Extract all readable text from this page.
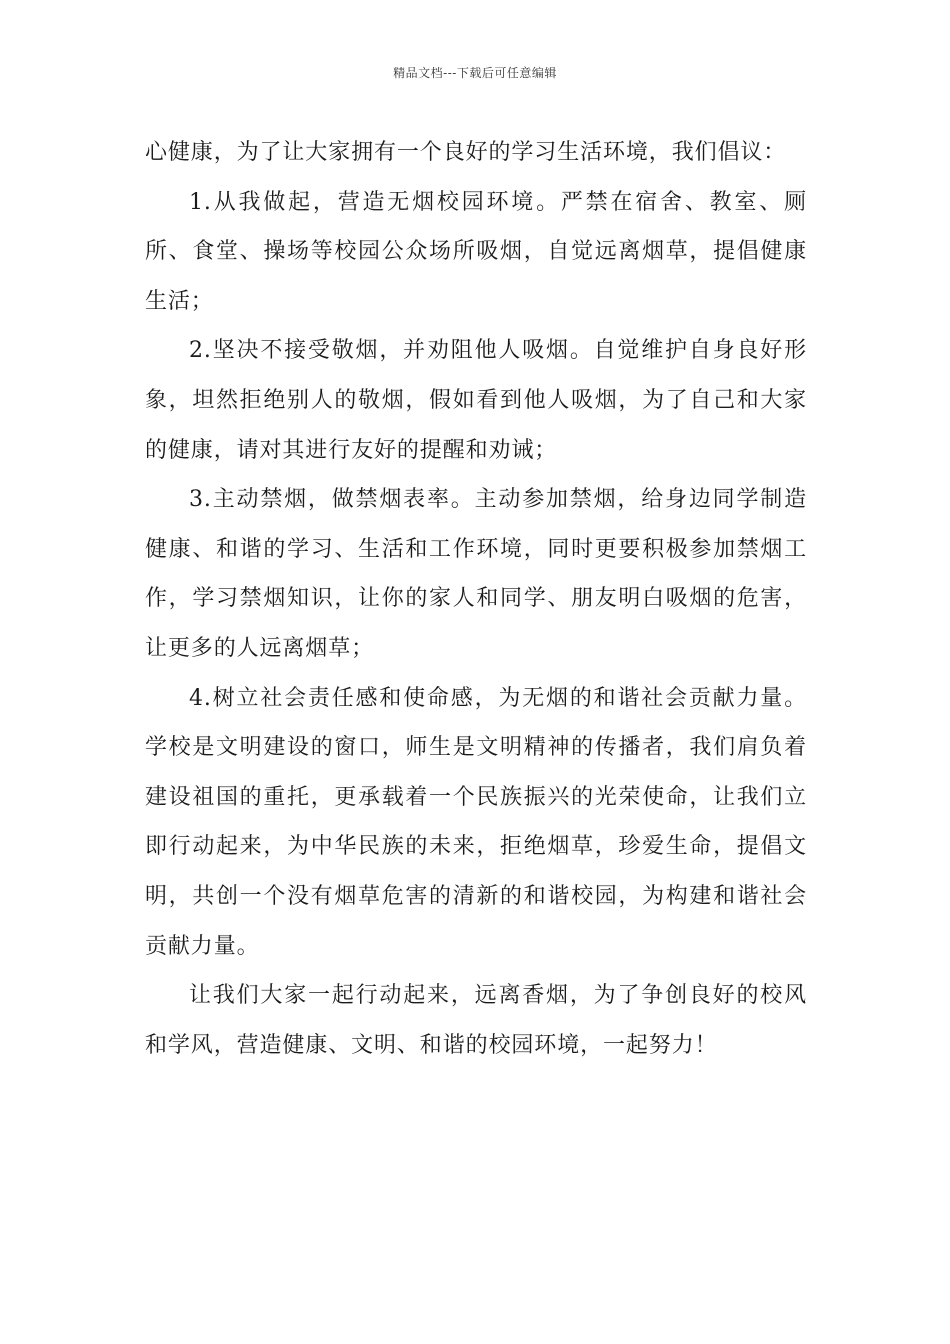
精品文档---下载后可任意编辑

心健康，为了让大家拥有一个良好的学习生活环境，我们倡议：

1.从我做起，营造无烟校园环境。严禁在宿舍、教室、厕所、食堂、操场等校园公众场所吸烟，自觉远离烟草，提倡健康生活；

2.坚决不接受敬烟，并劝阻他人吸烟。自觉维护自身良好形象，坦然拒绝别人的敬烟，假如看到他人吸烟，为了自己和大家的健康，请对其进行友好的提醒和劝诫；

3.主动禁烟，做禁烟表率。主动参加禁烟，给身边同学制造健康、和谐的学习、生活和工作环境，同时更要积极参加禁烟工作，学习禁烟知识，让你的家人和同学、朋友明白吸烟的危害，让更多的人远离烟草；

4.树立社会责任感和使命感，为无烟的和谐社会贡献力量。学校是文明建设的窗口，师生是文明精神的传播者，我们肩负着建设祖国的重托，更承载着一个民族振兴的光荣使命，让我们立即行动起来，为中华民族的未来，拒绝烟草，珍爱生命，提倡文明，共创一个没有烟草危害的清新的和谐校园，为构建和谐社会贡献力量。

让我们大家一起行动起来，远离香烟，为了争创良好的校风和学风，营造健康、文明、和谐的校园环境，一起努力！
